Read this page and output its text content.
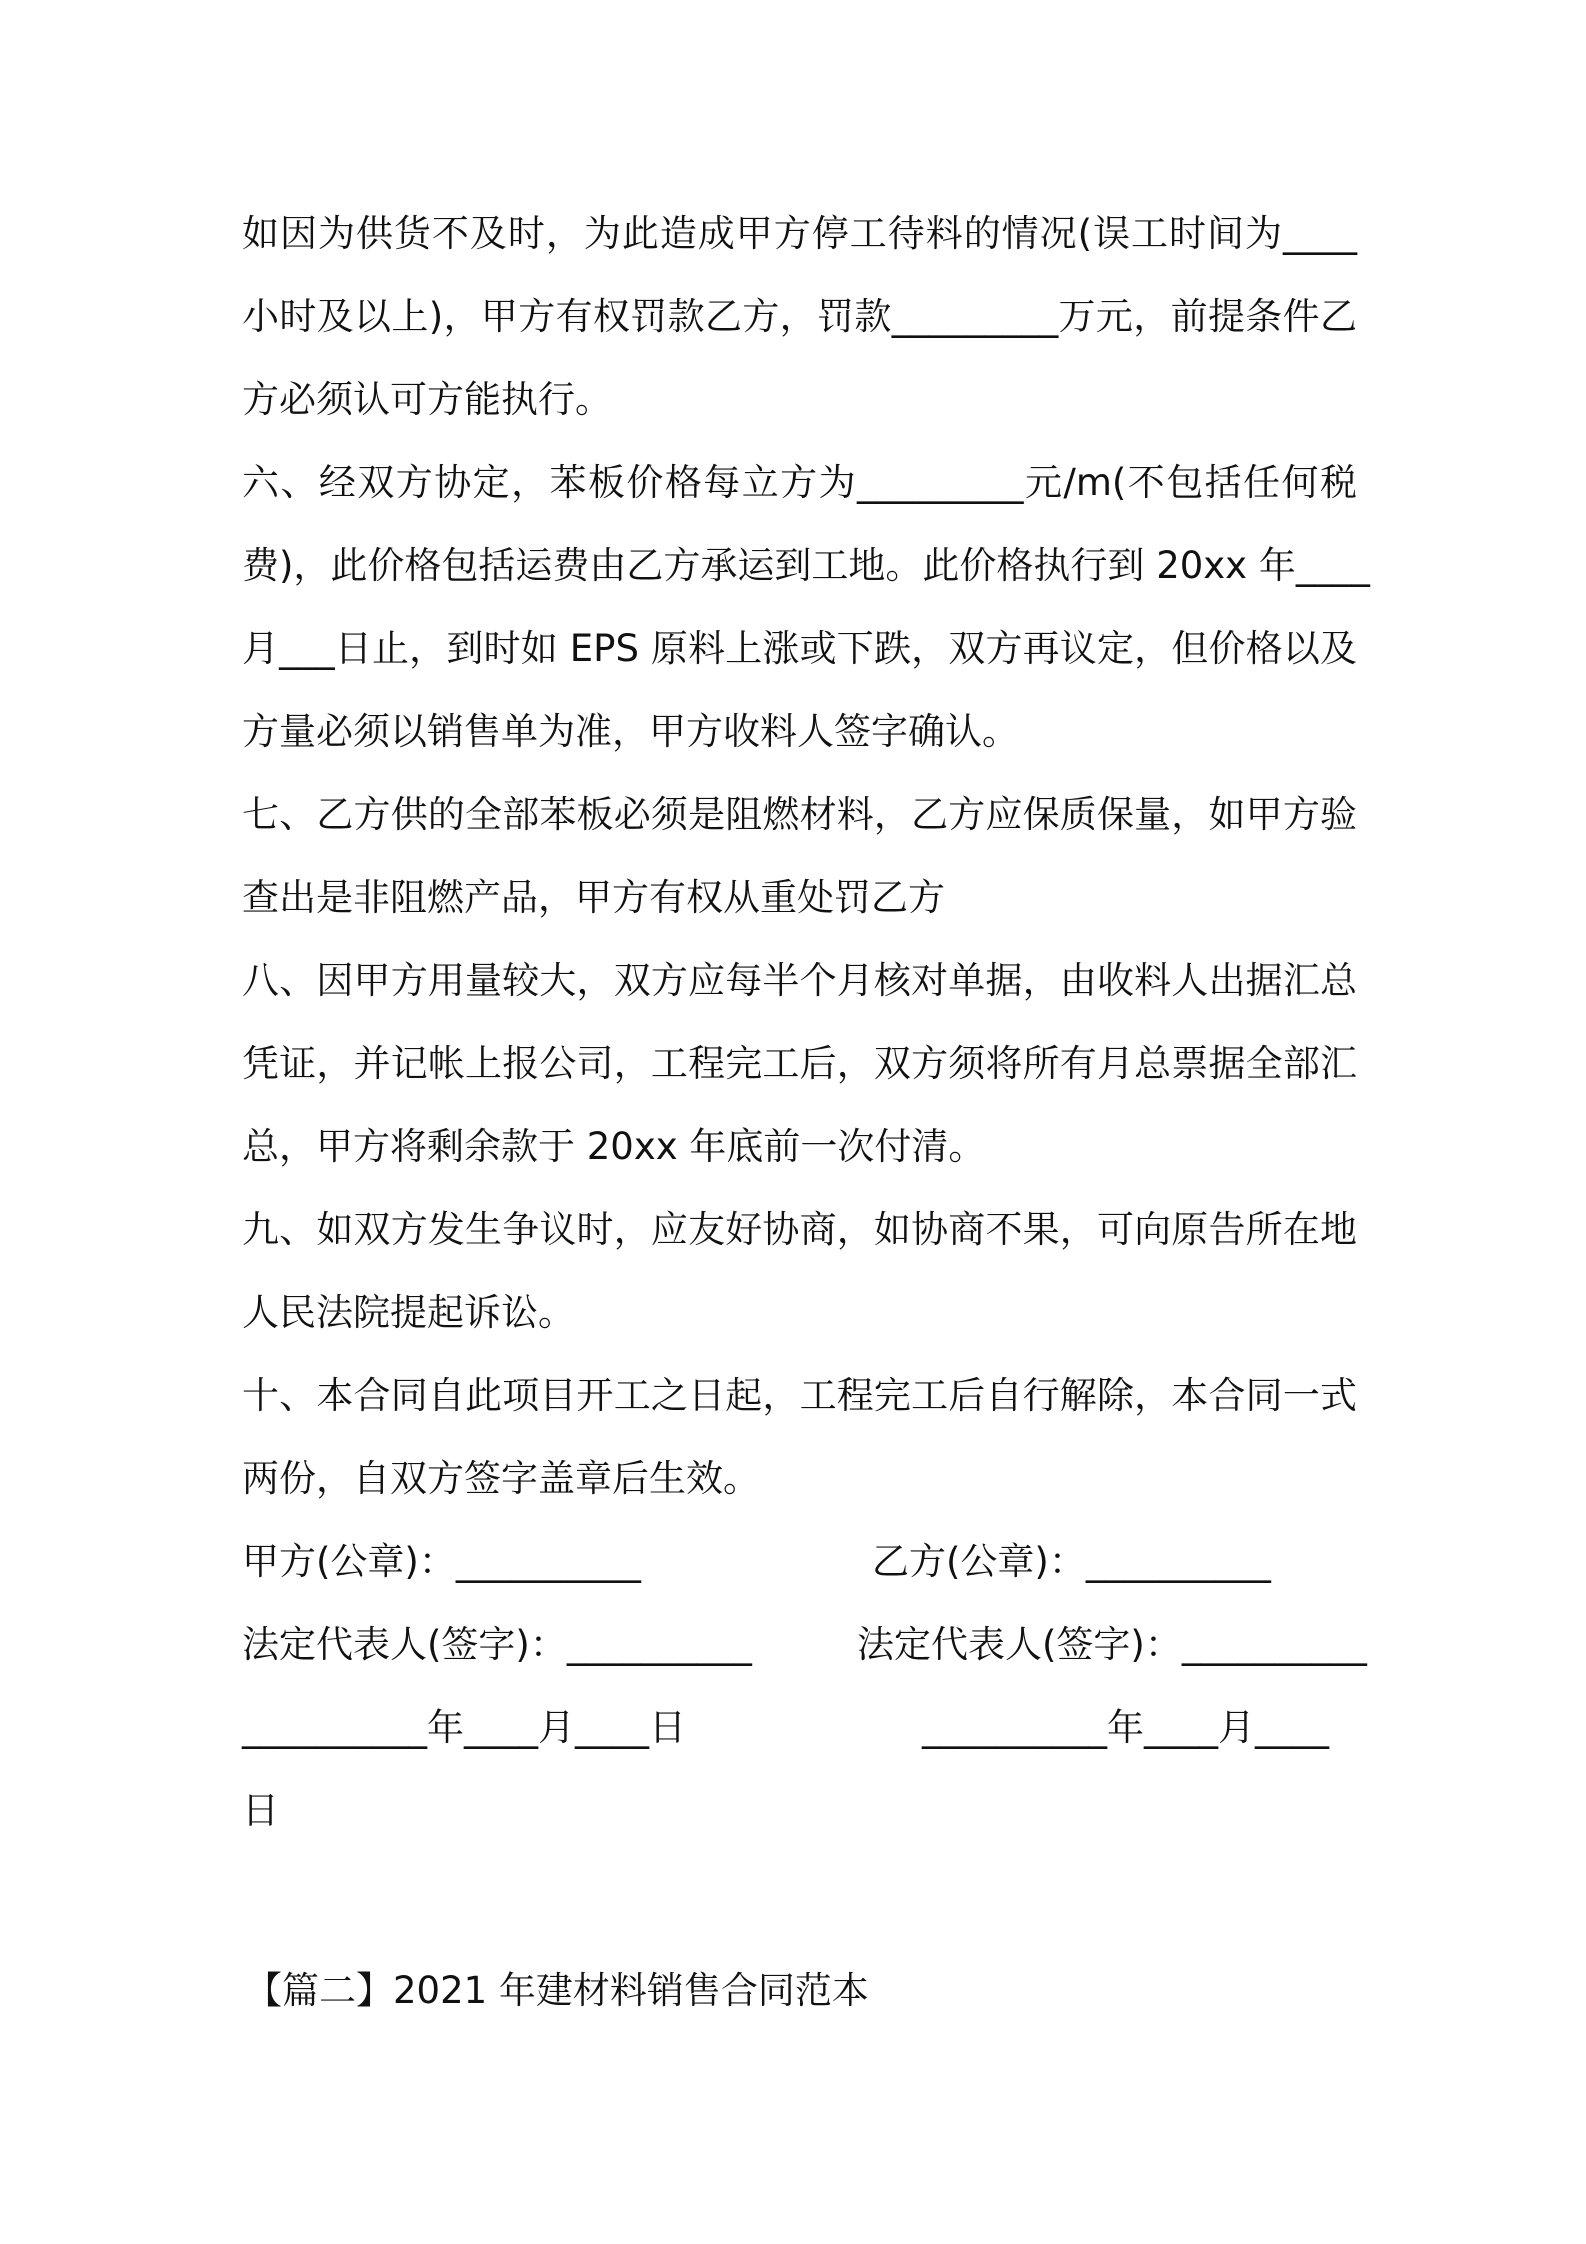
如因为供货不及时，为此造成甲方停工待料的情况(误工时间为____
小时及以上)，甲方有权罚款乙方，罚款_________万元，前提条件乙
方必须认可方能执行。
六、经双方协定，苯板价格每立方为_________元/m(不包括任何税
费)，此价格包括运费由乙方承运到工地。此价格执行到 20xx 年____
月___日止，到时如 EPS 原料上涨或下跌，双方再议定，但价格以及
方量必须以销售单为准，甲方收料人签字确认。
七、乙方供的全部苯板必须是阻燃材料，乙方应保质保量，如甲方验
查出是非阻燃产品，甲方有权从重处罚乙方
八、因甲方用量较大，双方应每半个月核对单据，由收料人出据汇总
凭证，并记帐上报公司，工程完工后，双方须将所有月总票据全部汇
总，甲方将剩余款于 20xx 年底前一次付清。
九、如双方发生争议时，应友好协商，如协商不果，可向原告所在地
人民法院提起诉讼。
十、本合同自此项目开工之日起，工程完工后自行解除，本合同一式
两份，自双方签字盖章后生效。
甲方(公章)：__________	乙方(公章)：__________
法定代表人(签字)：__________	法定代表人(签字)：__________
__________年____月____日	__________年____月____
日
【篇二】2021 年建材料销售合同范本
